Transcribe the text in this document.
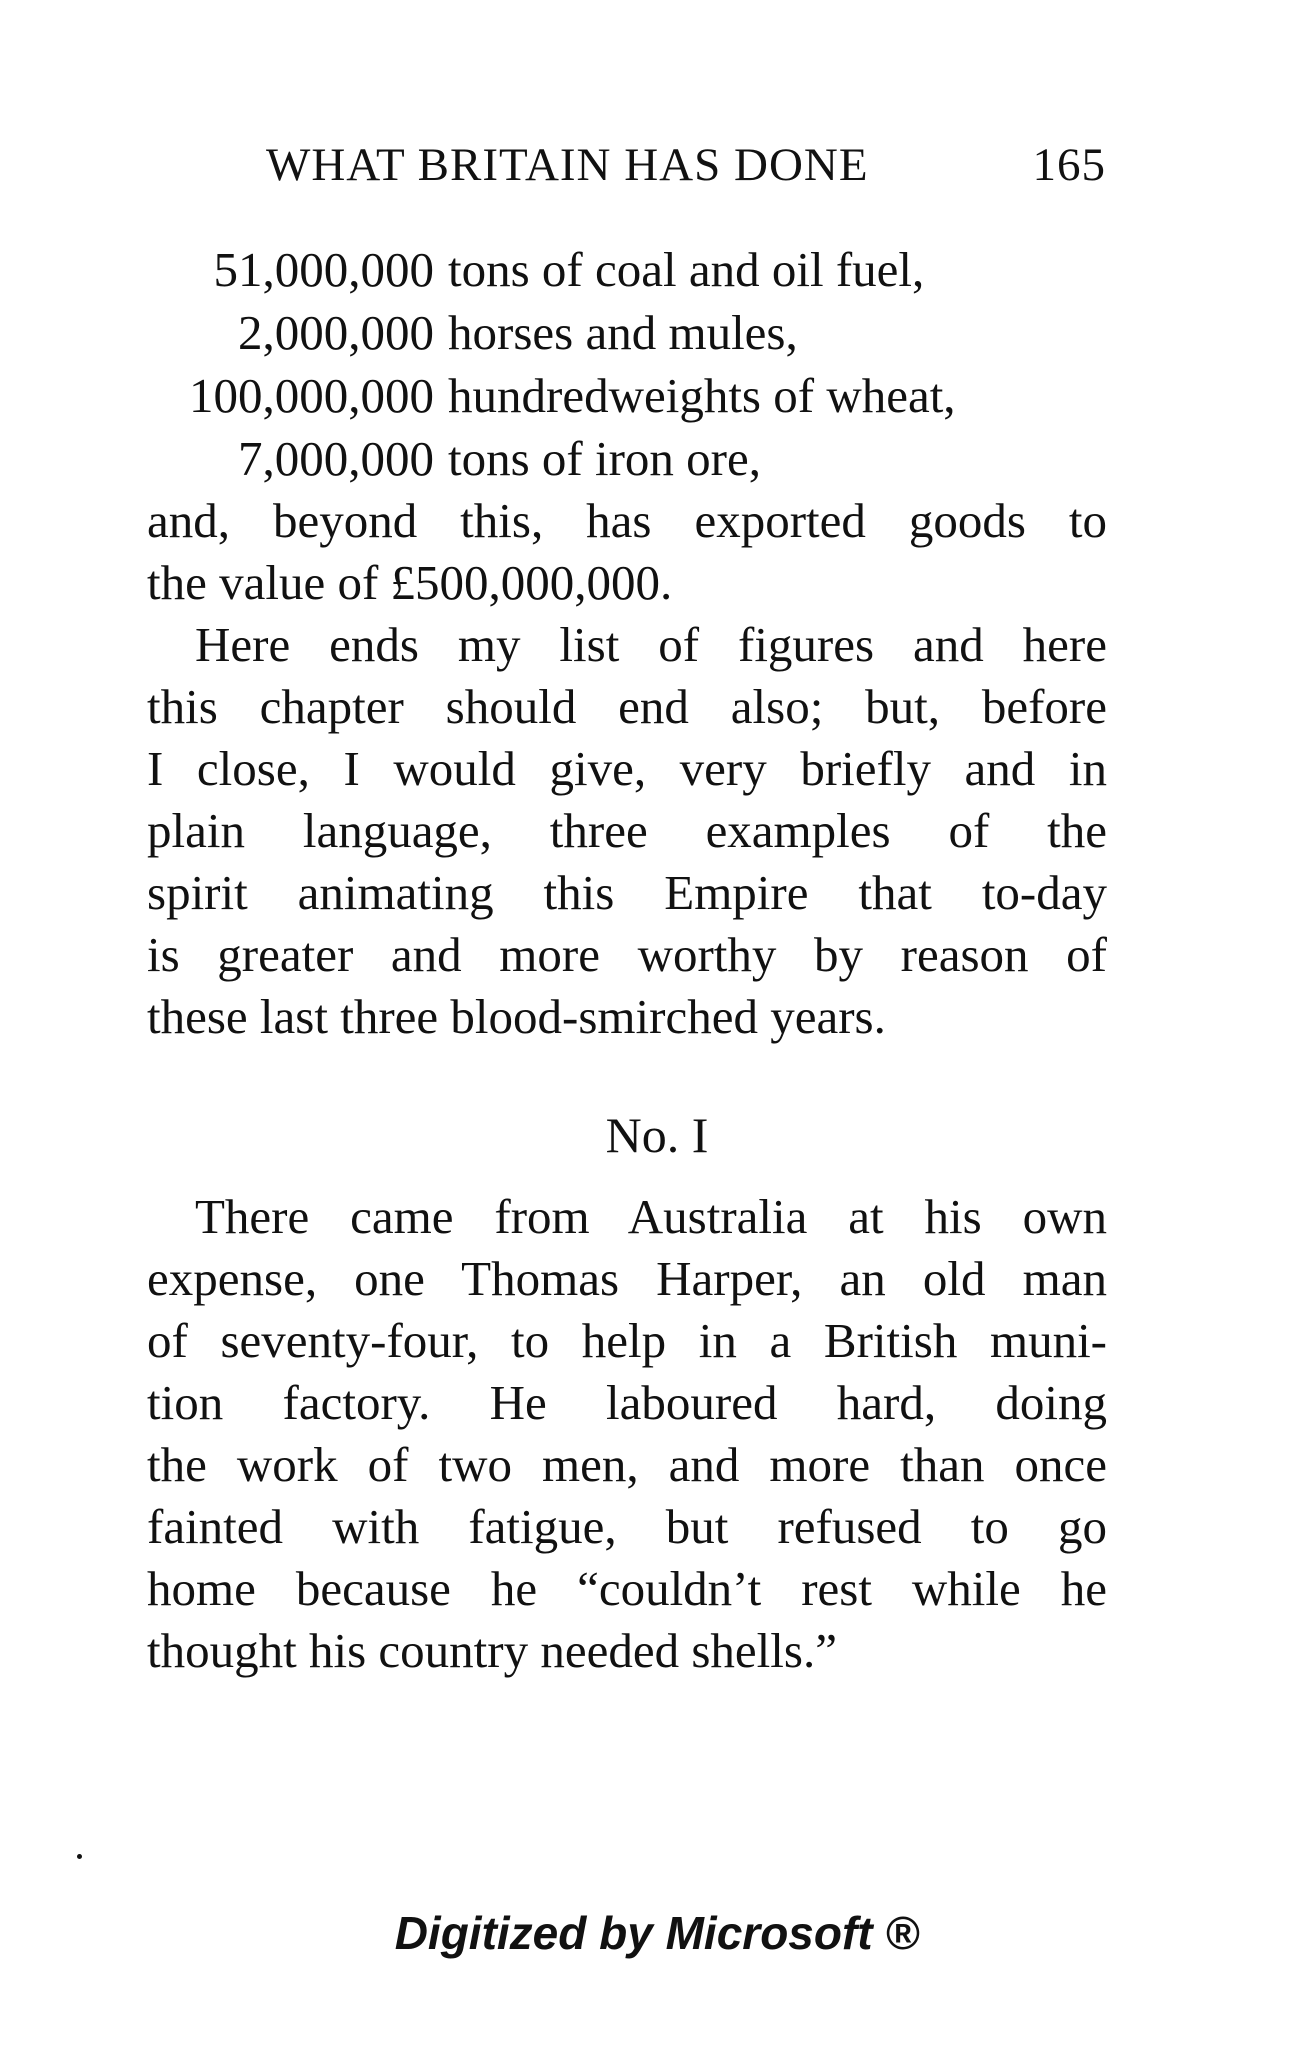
WHAT BRITAIN HAS DONE	165
51,000,000 tons of coal and oil fuel,
2,000,000 horses and mules,
100,000,000 hundredweights of wheat,
7,000,000 tons of iron ore,
and, beyond this, has exported goods to
the value of £500,000,000.
Here ends my list of figures and here
this chapter should end also; but, before
I close, I would give, very briefly and in
plain language, three examples of the
spirit animating this Empire that to-day
is greater and more worthy by reason of
these last three blood-smirched years.
No. I
There came from Australia at his own
expense, one Thomas Harper, an old man
of seventy-four, to help in a British muni-
tion factory. He laboured hard, doing
the work of two men, and more than once
fainted with fatigue, but refused to go
home because he “couldn’t rest while he
thought his country needed shells.”
Digitized by Microsoft ®
